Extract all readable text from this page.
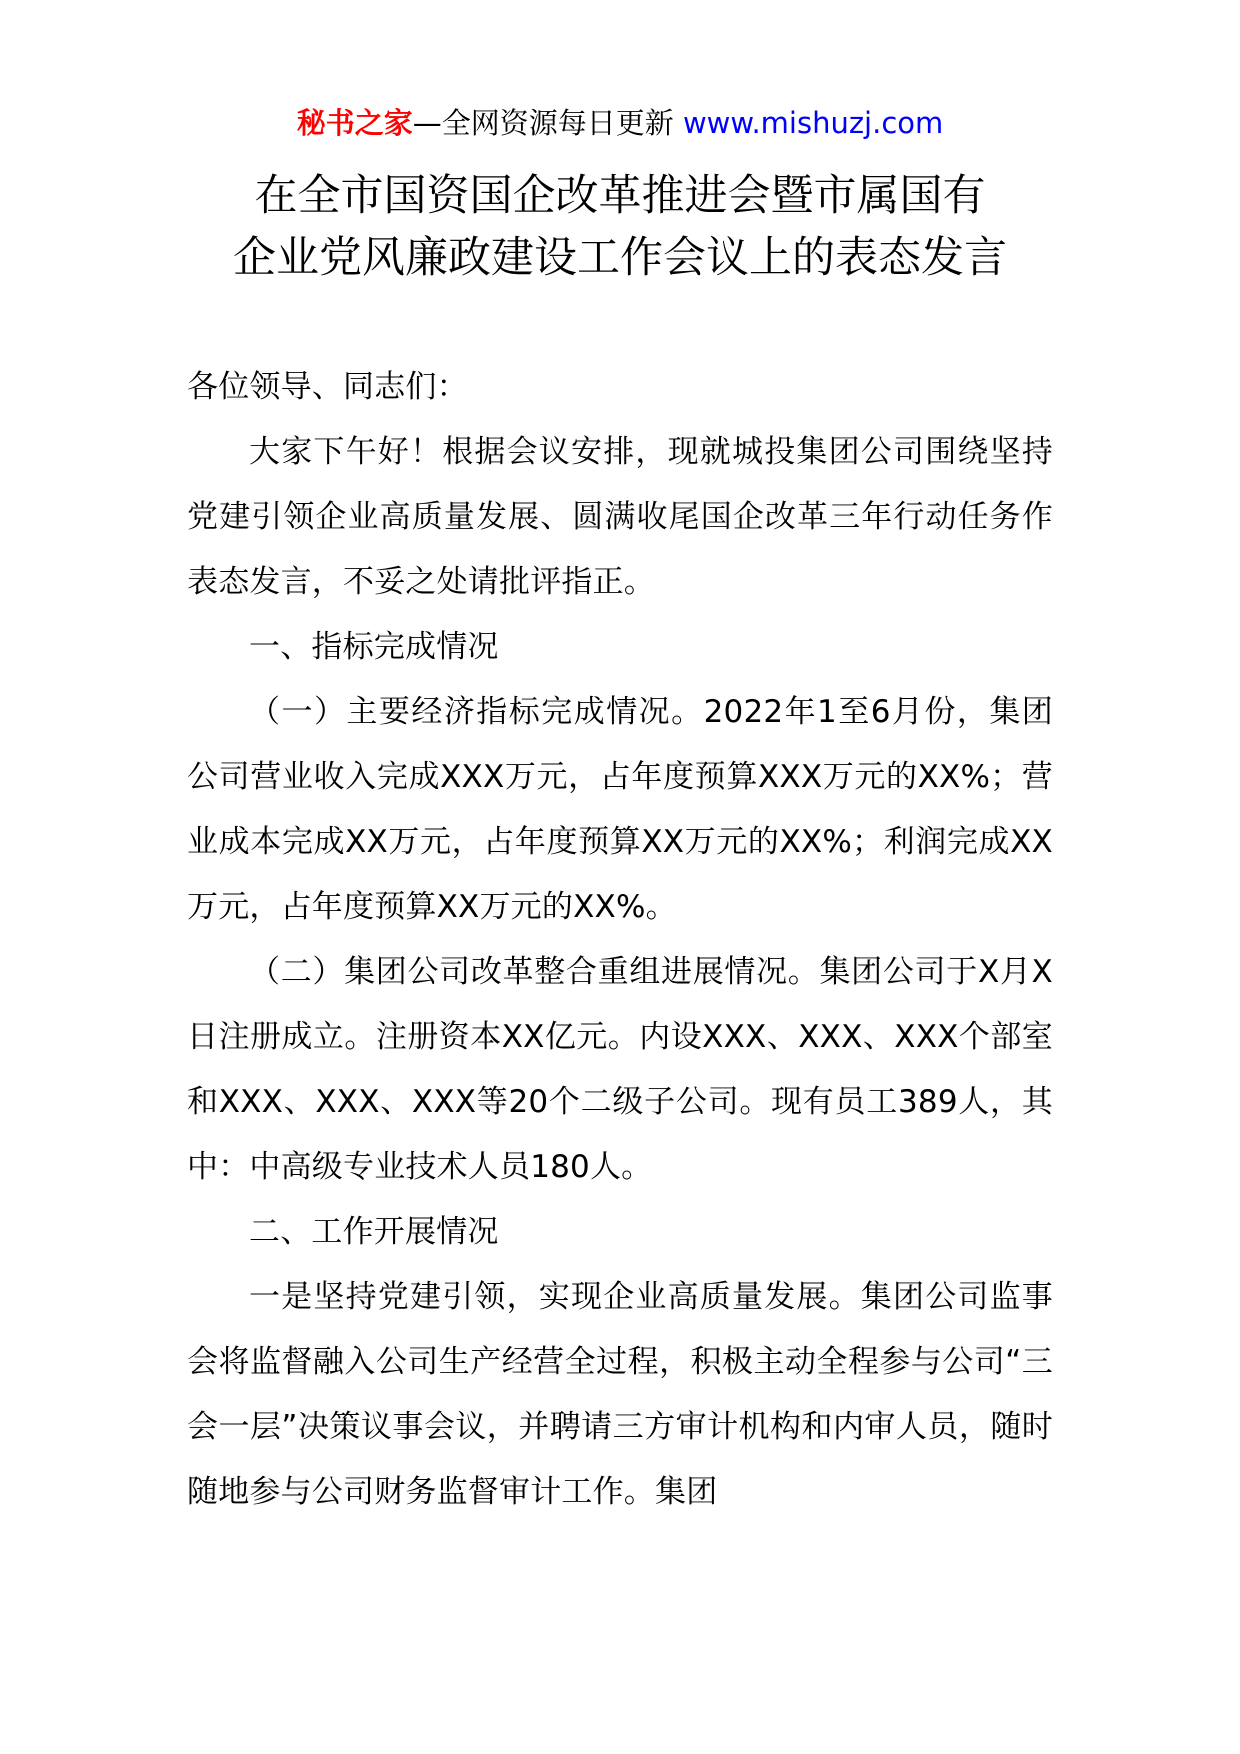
秘书之家—全网资源每日更新 www.mishuzj.com
在全市国资国企改革推进会暨市属国有
企业党风廉政建设工作会议上的表态发言

各位领导、同志们：

大家下午好！根据会议安排，现就城投集团公司围绕坚持党建引领企业高质量发展、圆满收尾国企改革三年行动任务作表态发言，不妥之处请批评指正。

一、指标完成情况

（一）主要经济指标完成情况。2022年1至6月份，集团公司营业收入完成XXX万元，占年度预算XXX万元的XX%；营业成本完成XX万元，占年度预算XX万元的XX%；利润完成XX万元，占年度预算XX万元的XX%。

（二）集团公司改革整合重组进展情况。集团公司于X月X日注册成立。注册资本XX亿元。内设XXX、XXX、XXX个部室和XXX、XXX、XXX等20个二级子公司。现有员工389人，其中：中高级专业技术人员180人。

二、工作开展情况

一是坚持党建引领，实现企业高质量发展。集团公司监事会将监督融入公司生产经营全过程，积极主动全程参与公司“三会一层”决策议事会议，并聘请三方审计机构和内审人员，随时随地参与公司财务监督审计工作。集团
